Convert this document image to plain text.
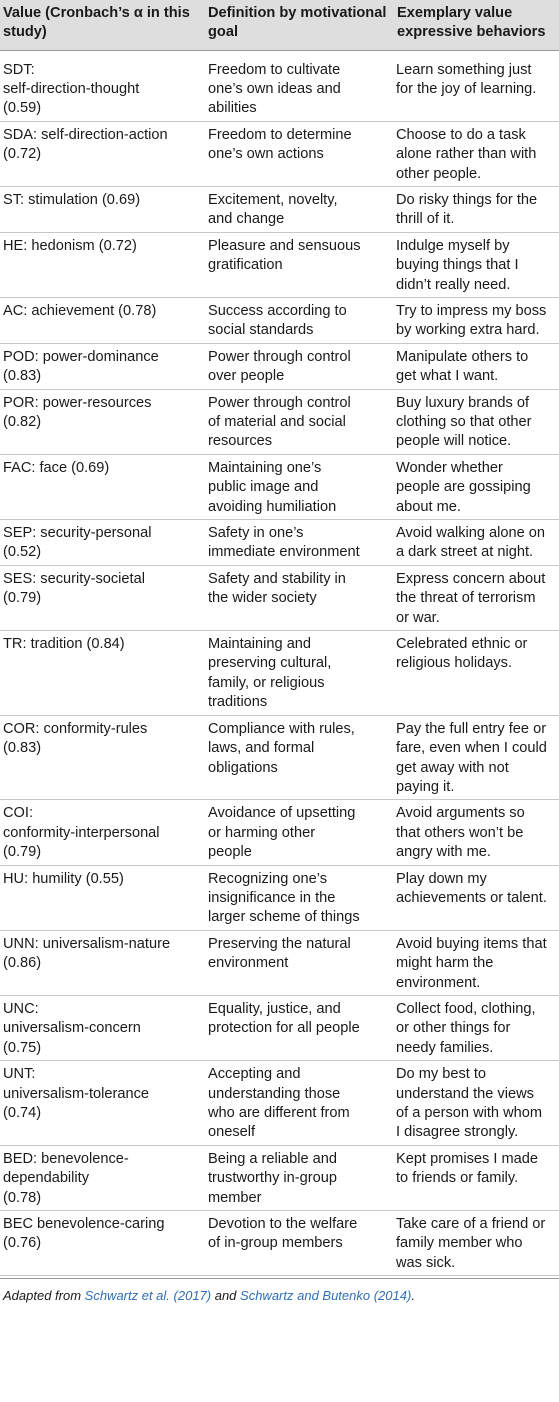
Value (Cronbach’s α in this study)	Definition by motivational goal	Exemplary value expressive behaviors
SDT:
self-direction-thought
(0.59)	Freedom to cultivate
one’s own ideas and
abilities	Learn something just
for the joy of learning.
SDA: self-direction-action
(0.72)	Freedom to determine
one’s own actions	Choose to do a task
alone rather than with
other people.
ST: stimulation (0.69)	Excitement, novelty,
and change	Do risky things for the
thrill of it.
HE: hedonism (0.72)	Pleasure and sensuous
gratification	Indulge myself by
buying things that I
didn’t really need.
AC: achievement (0.78)	Success according to
social standards	Try to impress my boss
by working extra hard.
POD: power-dominance
(0.83)	Power through control
over people	Manipulate others to
get what I want.
POR: power-resources
(0.82)	Power through control
of material and social
resources	Buy luxury brands of
clothing so that other
people will notice.
FAC: face (0.69)	Maintaining one’s
public image and
avoiding humiliation	Wonder whether
people are gossiping
about me.
SEP: security-personal
(0.52)	Safety in one’s
immediate environment	Avoid walking alone on
a dark street at night.
SES: security-societal
(0.79)	Safety and stability in
the wider society	Express concern about
the threat of terrorism
or war.
TR: tradition (0.84)	Maintaining and
preserving cultural,
family, or religious
traditions	Celebrated ethnic or
religious holidays.
COR: conformity-rules
(0.83)	Compliance with rules,
laws, and formal
obligations	Pay the full entry fee or
fare, even when I could
get away with not
paying it.
COI:
conformity-interpersonal
(0.79)	Avoidance of upsetting
or harming other
people	Avoid arguments so
that others won’t be
angry with me.
HU: humility (0.55)	Recognizing one’s
insignificance in the
larger scheme of things	Play down my
achievements or talent.
UNN: universalism-nature
(0.86)	Preserving the natural
environment	Avoid buying items that
might harm the
environment.
UNC:
universalism-concern
(0.75)	Equality, justice, and
protection for all people	Collect food, clothing,
or other things for
needy families.
UNT:
universalism-tolerance
(0.74)	Accepting and
understanding those
who are different from
oneself	Do my best to
understand the views
of a person with whom
I disagree strongly.
BED: benevolence-
dependability
(0.78)	Being a reliable and
trustworthy in-group
member	Kept promises I made
to friends or family.
BEC benevolence-caring
(0.76)	Devotion to the welfare
of in-group members	Take care of a friend or
family member who
was sick.
Adapted from Schwartz et al. (2017) and Schwartz and Butenko (2014).
